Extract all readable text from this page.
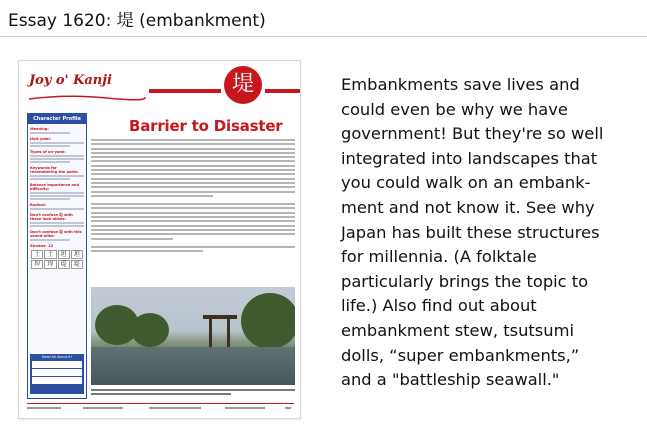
Essay 1620: 堤 (embankment)
Joy o' Kanji	堤
Character Profile
Meaning:
Jōyō yomi:
Types of on-yomi:
Keywords for remembering the parts:
Balance importance and difficulty:
Radical:
Don't confuse 堤 with these look-alikes:
Don't confuse 堤 with this sound-alike:
Strokes: 12
土	土	坦	坦
垾	垾	堤	堤
Read All About It!
Barrier to Disaster
Embankments save lives and
could even be why we have
government! But they're so well
integrated into landscapes that
you could walk on an embank-
ment and not know it. See why
Japan has built these structures
for millennia. (A folktale
particularly brings the topic to
life.) Also find out about
embankment stew, tsutsumi
dolls, “super embankments,”
and a "battleship seawall."
